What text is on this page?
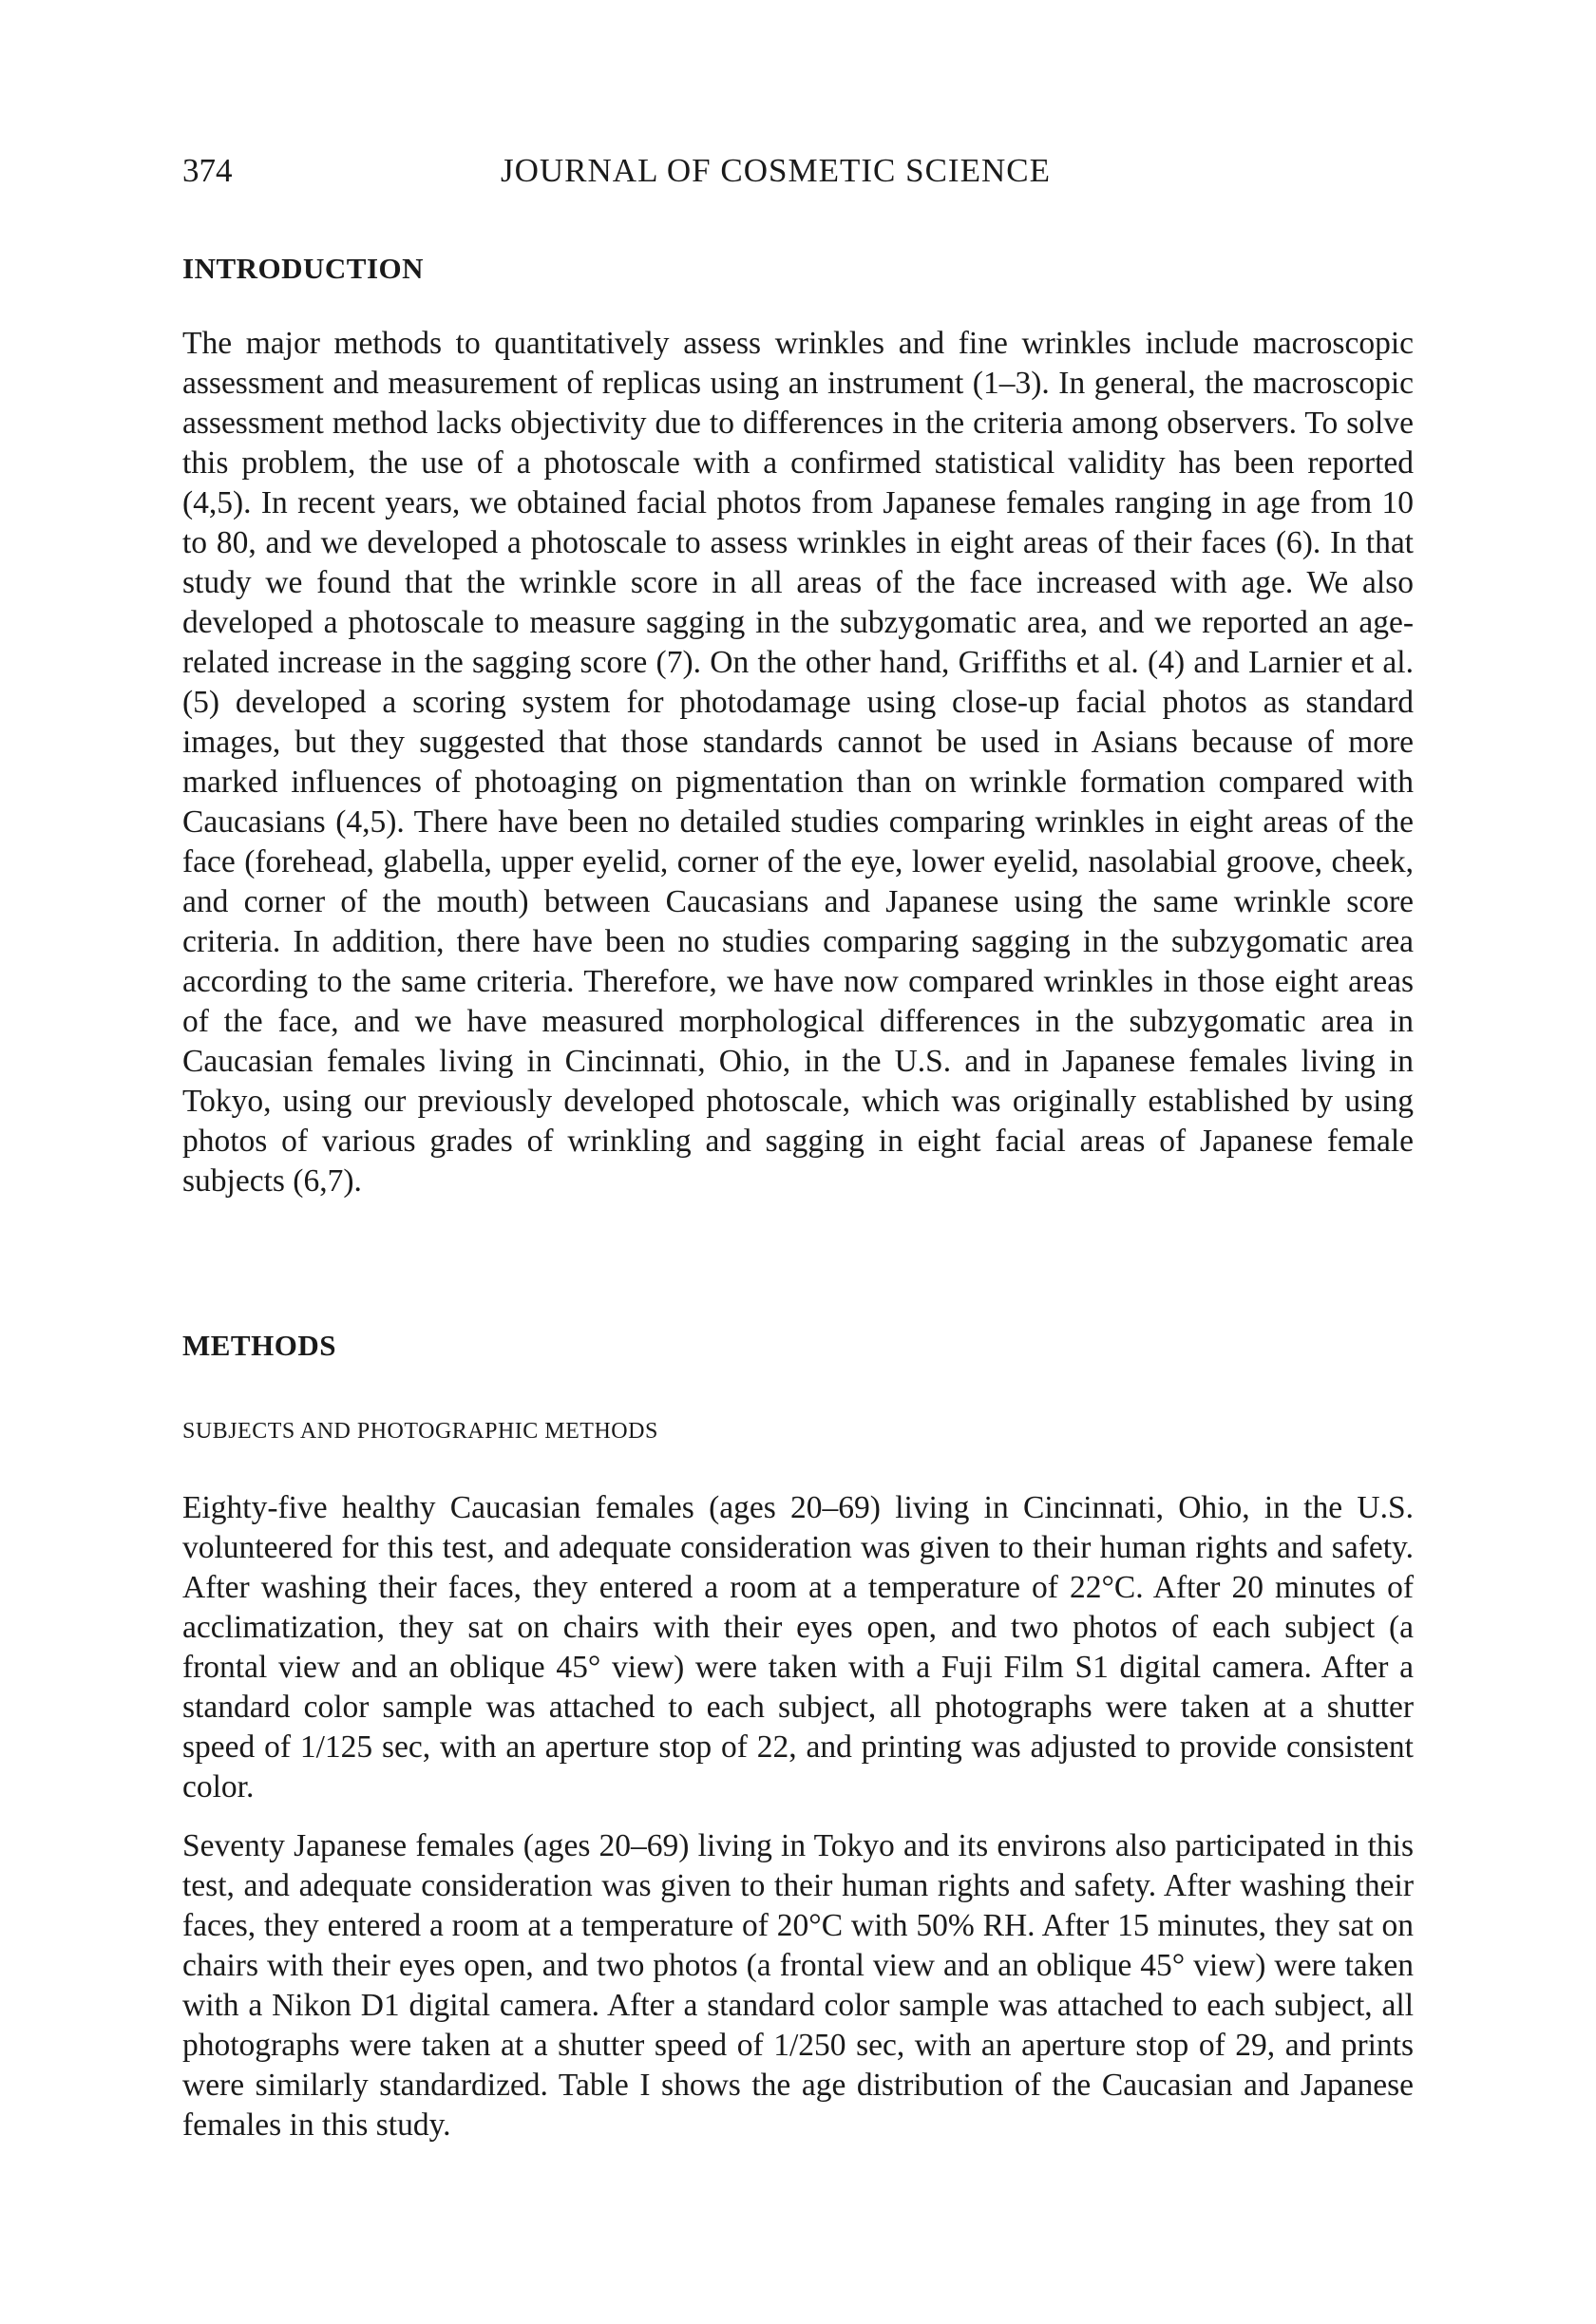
374	JOURNAL OF COSMETIC SCIENCE
INTRODUCTION

The major methods to quantitatively assess wrinkles and fine wrinkles include macroscopic assessment and measurement of replicas using an instrument (1–3). In general, the macroscopic assessment method lacks objectivity due to differences in the criteria among observers. To solve this problem, the use of a photoscale with a confirmed statistical validity has been reported (4,5). In recent years, we obtained facial photos from Japanese females ranging in age from 10 to 80, and we developed a photoscale to assess wrinkles in eight areas of their faces (6). In that study we found that the wrinkle score in all areas of the face increased with age. We also developed a photoscale to measure sagging in the subzygomatic area, and we reported an age-related increase in the sagging score (7). On the other hand, Griffiths et al. (4) and Larnier et al. (5) developed a scoring system for photodamage using close-up facial photos as standard images, but they suggested that those standards cannot be used in Asians because of more marked influences of photoaging on pigmentation than on wrinkle formation compared with Caucasians (4,5). There have been no detailed studies comparing wrinkles in eight areas of the face (forehead, glabella, upper eyelid, corner of the eye, lower eyelid, nasolabial groove, cheek, and corner of the mouth) between Caucasians and Japanese using the same wrinkle score criteria. In addition, there have been no studies comparing sagging in the subzygomatic area according to the same criteria. Therefore, we have now compared wrinkles in those eight areas of the face, and we have measured morphological differences in the subzygomatic area in Caucasian females living in Cincinnati, Ohio, in the U.S. and in Japanese females living in Tokyo, using our previously developed photoscale, which was originally established by using photos of various grades of wrinkling and sagging in eight facial areas of Japanese female subjects (6,7).

METHODS
SUBJECTS AND PHOTOGRAPHIC METHODS

Eighty-five healthy Caucasian females (ages 20–69) living in Cincinnati, Ohio, in the U.S. volunteered for this test, and adequate consideration was given to their human rights and safety. After washing their faces, they entered a room at a temperature of 22°C. After 20 minutes of acclimatization, they sat on chairs with their eyes open, and two photos of each subject (a frontal view and an oblique 45° view) were taken with a Fuji Film S1 digital camera. After a standard color sample was attached to each subject, all photographs were taken at a shutter speed of 1/125 sec, with an aperture stop of 22, and printing was adjusted to provide consistent color.

Seventy Japanese females (ages 20–69) living in Tokyo and its environs also participated in this test, and adequate consideration was given to their human rights and safety. After washing their faces, they entered a room at a temperature of 20°C with 50% RH. After 15 minutes, they sat on chairs with their eyes open, and two photos (a frontal view and an oblique 45° view) were taken with a Nikon D1 digital camera. After a standard color sample was attached to each subject, all photographs were taken at a shutter speed of 1/250 sec, with an aperture stop of 29, and prints were similarly standardized. Table I shows the age distribution of the Caucasian and Japanese females in this study.
